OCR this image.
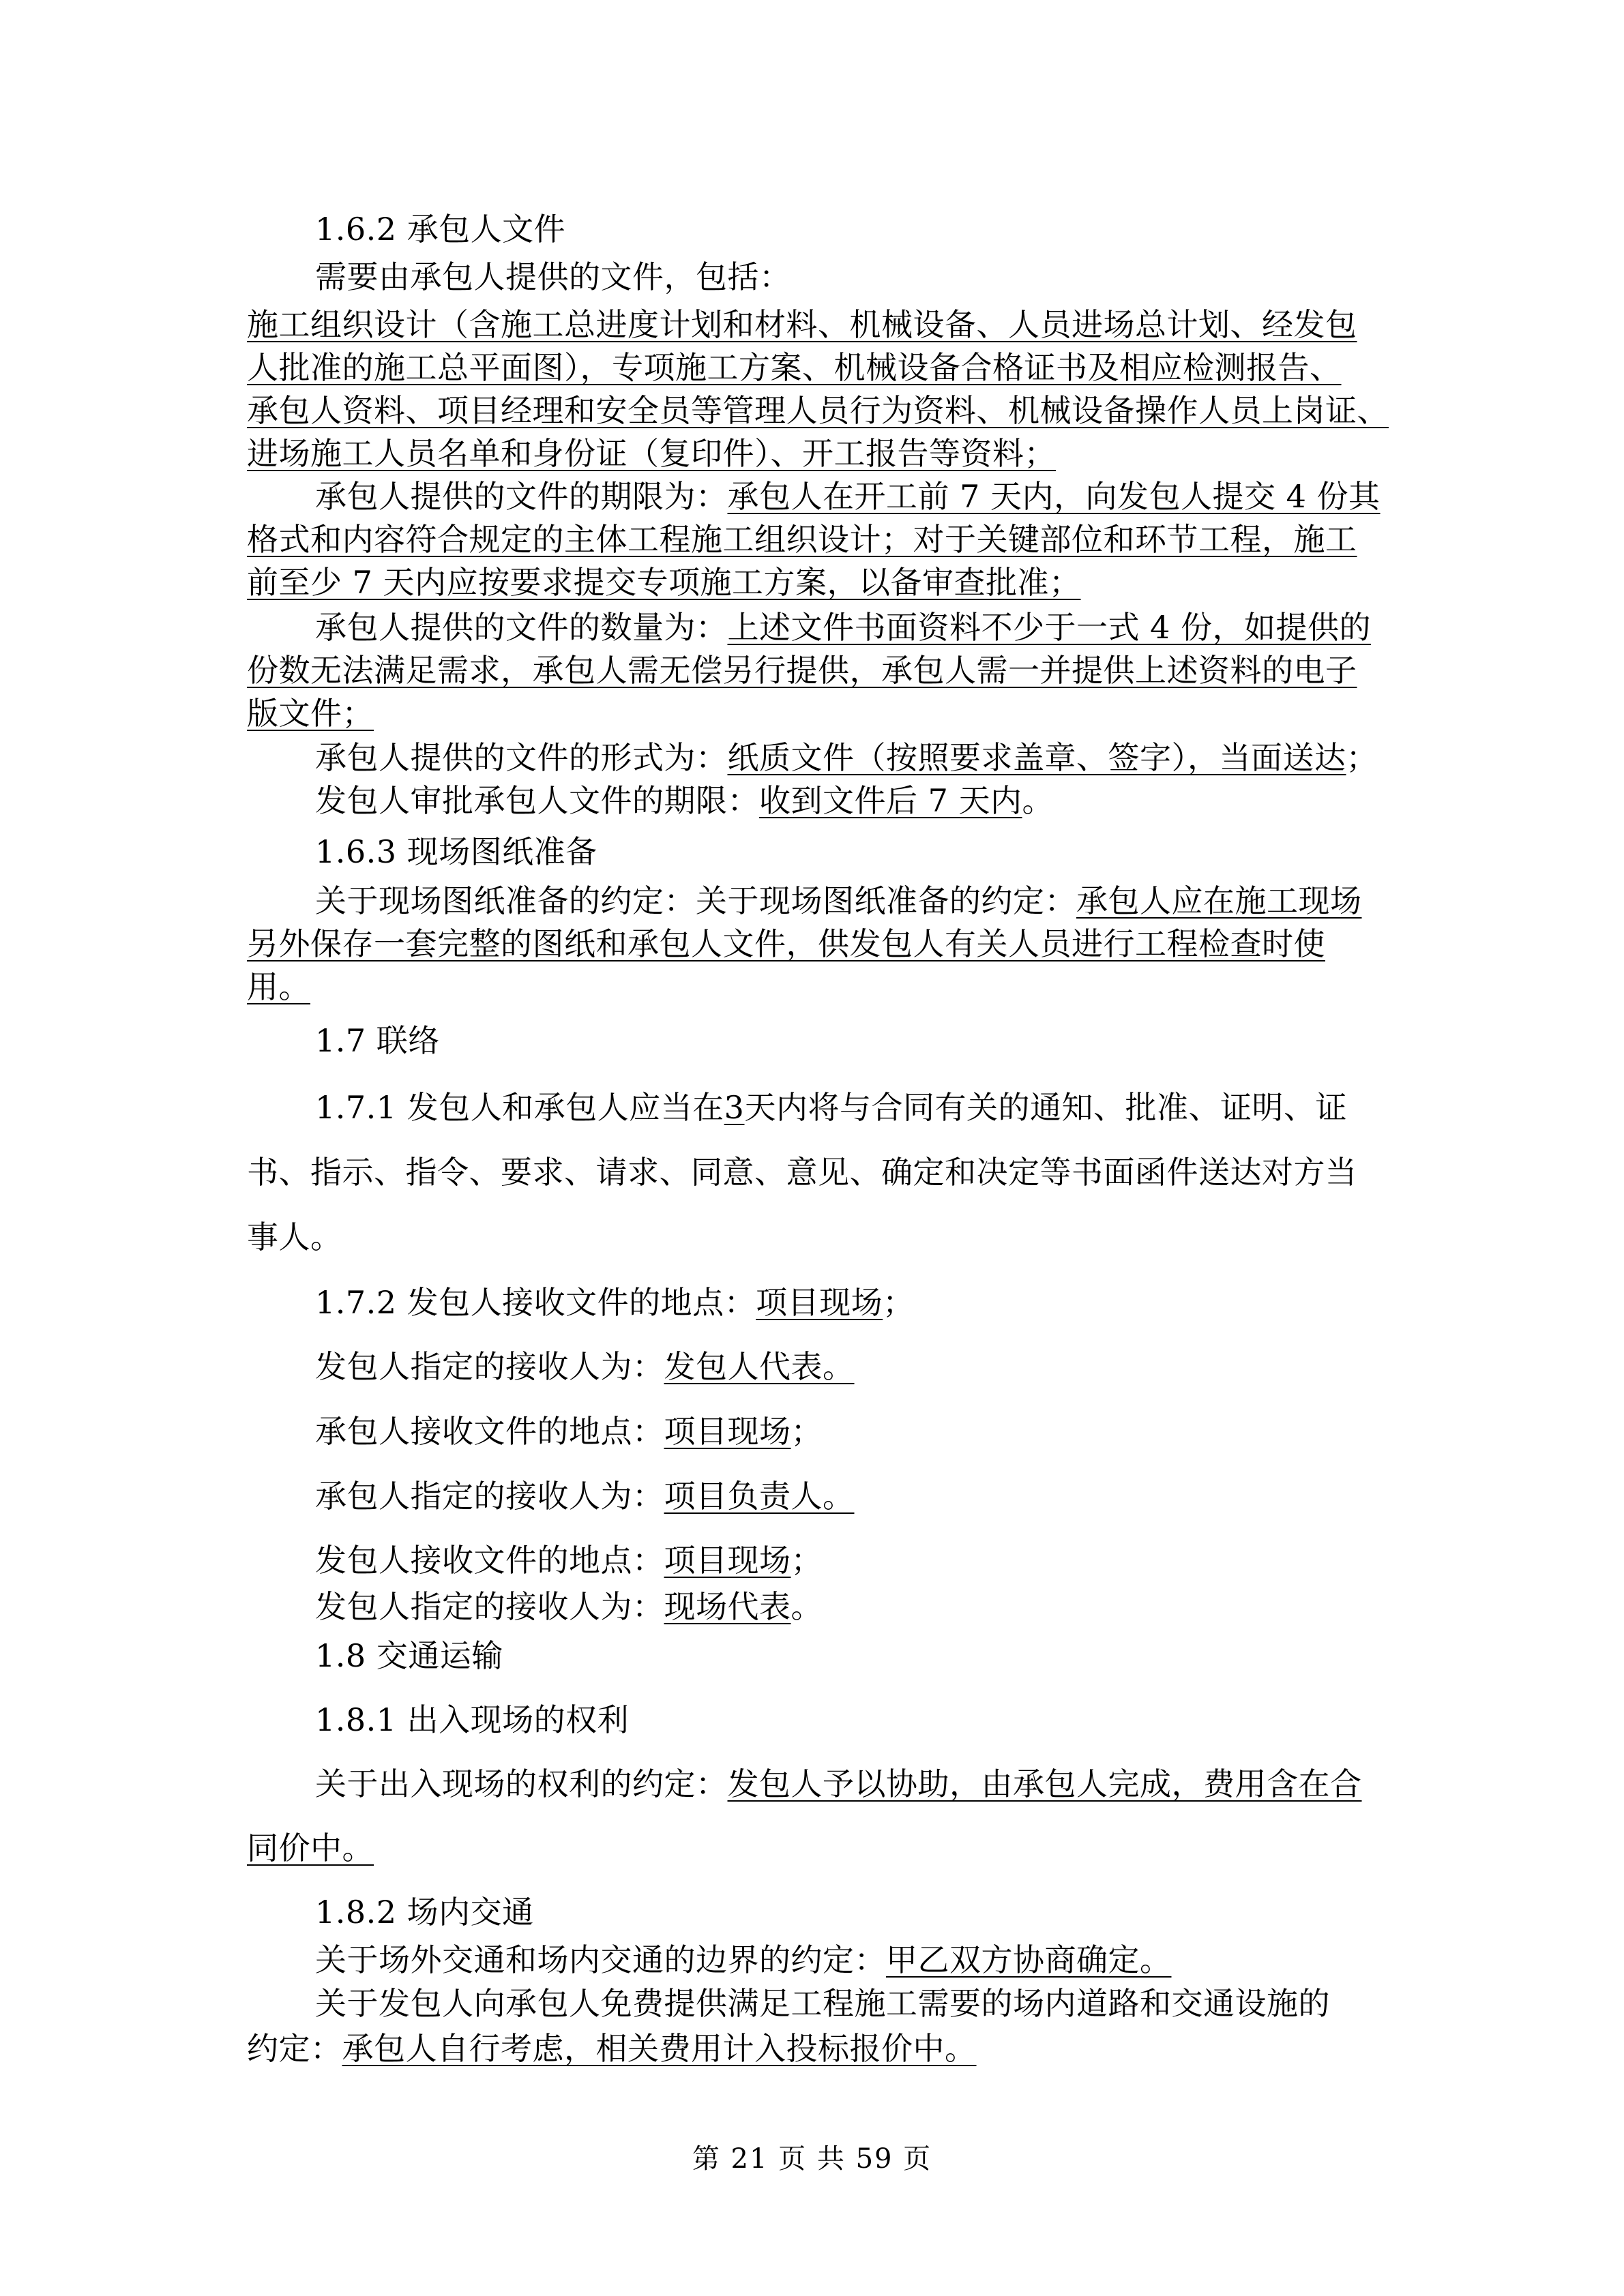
1.6.2 承包人文件
需要由承包人提供的文件，包括：
施工组织设计（含施工总进度计划和材料、机械设备、人员进场总计划、经发包
人批准的施工总平面图），专项施工方案、机械设备合格证书及相应检测报告、
承包人资料、项目经理和安全员等管理人员行为资料、机械设备操作人员上岗证、
进场施工人员名单和身份证（复印件）、开工报告等资料；
承包人提供的文件的期限为：承包人在开工前 7 天内，向发包人提交 4 份其
格式和内容符合规定的主体工程施工组织设计；对于关键部位和环节工程，施工
前至少 7 天内应按要求提交专项施工方案，以备审查批准；
承包人提供的文件的数量为：上述文件书面资料不少于一式 4 份，如提供的
份数无法满足需求，承包人需无偿另行提供，承包人需一并提供上述资料的电子
版文件；
承包人提供的文件的形式为：纸质文件（按照要求盖章、签字），当面送达；
发包人审批承包人文件的期限：收到文件后 7 天内。
1.6.3 现场图纸准备
关于现场图纸准备的约定：关于现场图纸准备的约定：承包人应在施工现场
另外保存一套完整的图纸和承包人文件，供发包人有关人员进行工程检查时使
用。
1.7 联络
1.7.1 发包人和承包人应当在3天内将与合同有关的通知、批准、证明、证
书、指示、指令、要求、请求、同意、意见、确定和决定等书面函件送达对方当
事人。
1.7.2 发包人接收文件的地点：项目现场；
发包人指定的接收人为：发包人代表。
承包人接收文件的地点：项目现场；
承包人指定的接收人为：项目负责人。
发包人接收文件的地点：项目现场；
发包人指定的接收人为：现场代表。
1.8 交通运输
1.8.1 出入现场的权利
关于出入现场的权利的约定：发包人予以协助，由承包人完成，费用含在合
同价中。
1.8.2 场内交通
关于场外交通和场内交通的边界的约定：甲乙双方协商确定。
关于发包人向承包人免费提供满足工程施工需要的场内道路和交通设施的
约定：承包人自行考虑，相关费用计入投标报价中。
第 21 页 共 59 页
